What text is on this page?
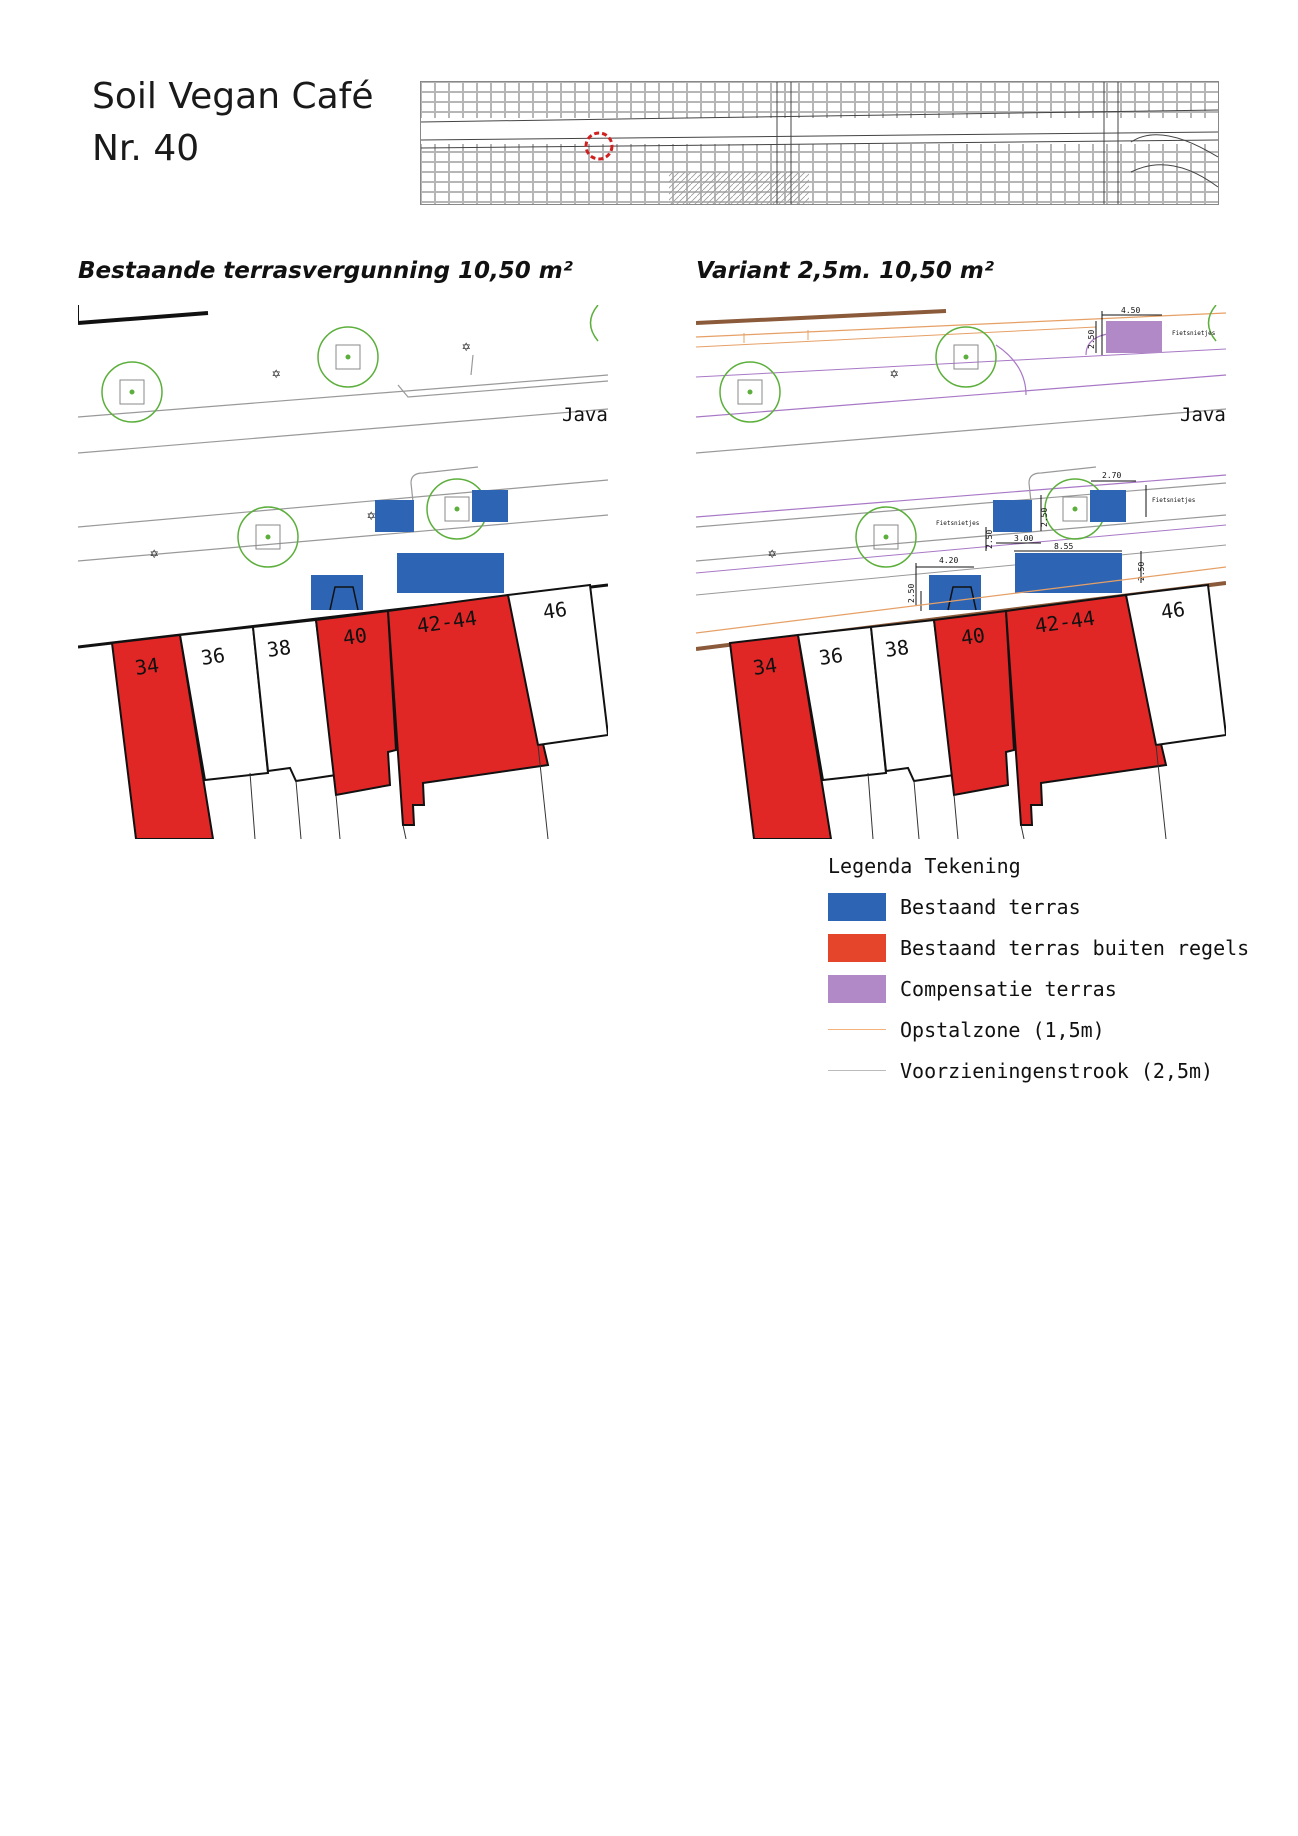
Soil Vegan Café
Nr. 40
Bestaande terrasvergunning 10,50 m²	Variant 2,5m. 10,50 m²
✡
✡
✡
✡
Java
34 36 38 40 42-44	46
✡
✡
Java
4.50
2.50
4.20
2.50
2.50	3.00
8.55
2.50
2.70
2.50
Fietsnietjes
Fietsnietjes
Fietsnietjes
34 36 38 40 42-44	46
Legenda Tekening
Bestaand terras
Bestaand terras buiten regels
Compensatie terras
Opstalzone (1,5m)
Voorzieningenstrook (2,5m)
